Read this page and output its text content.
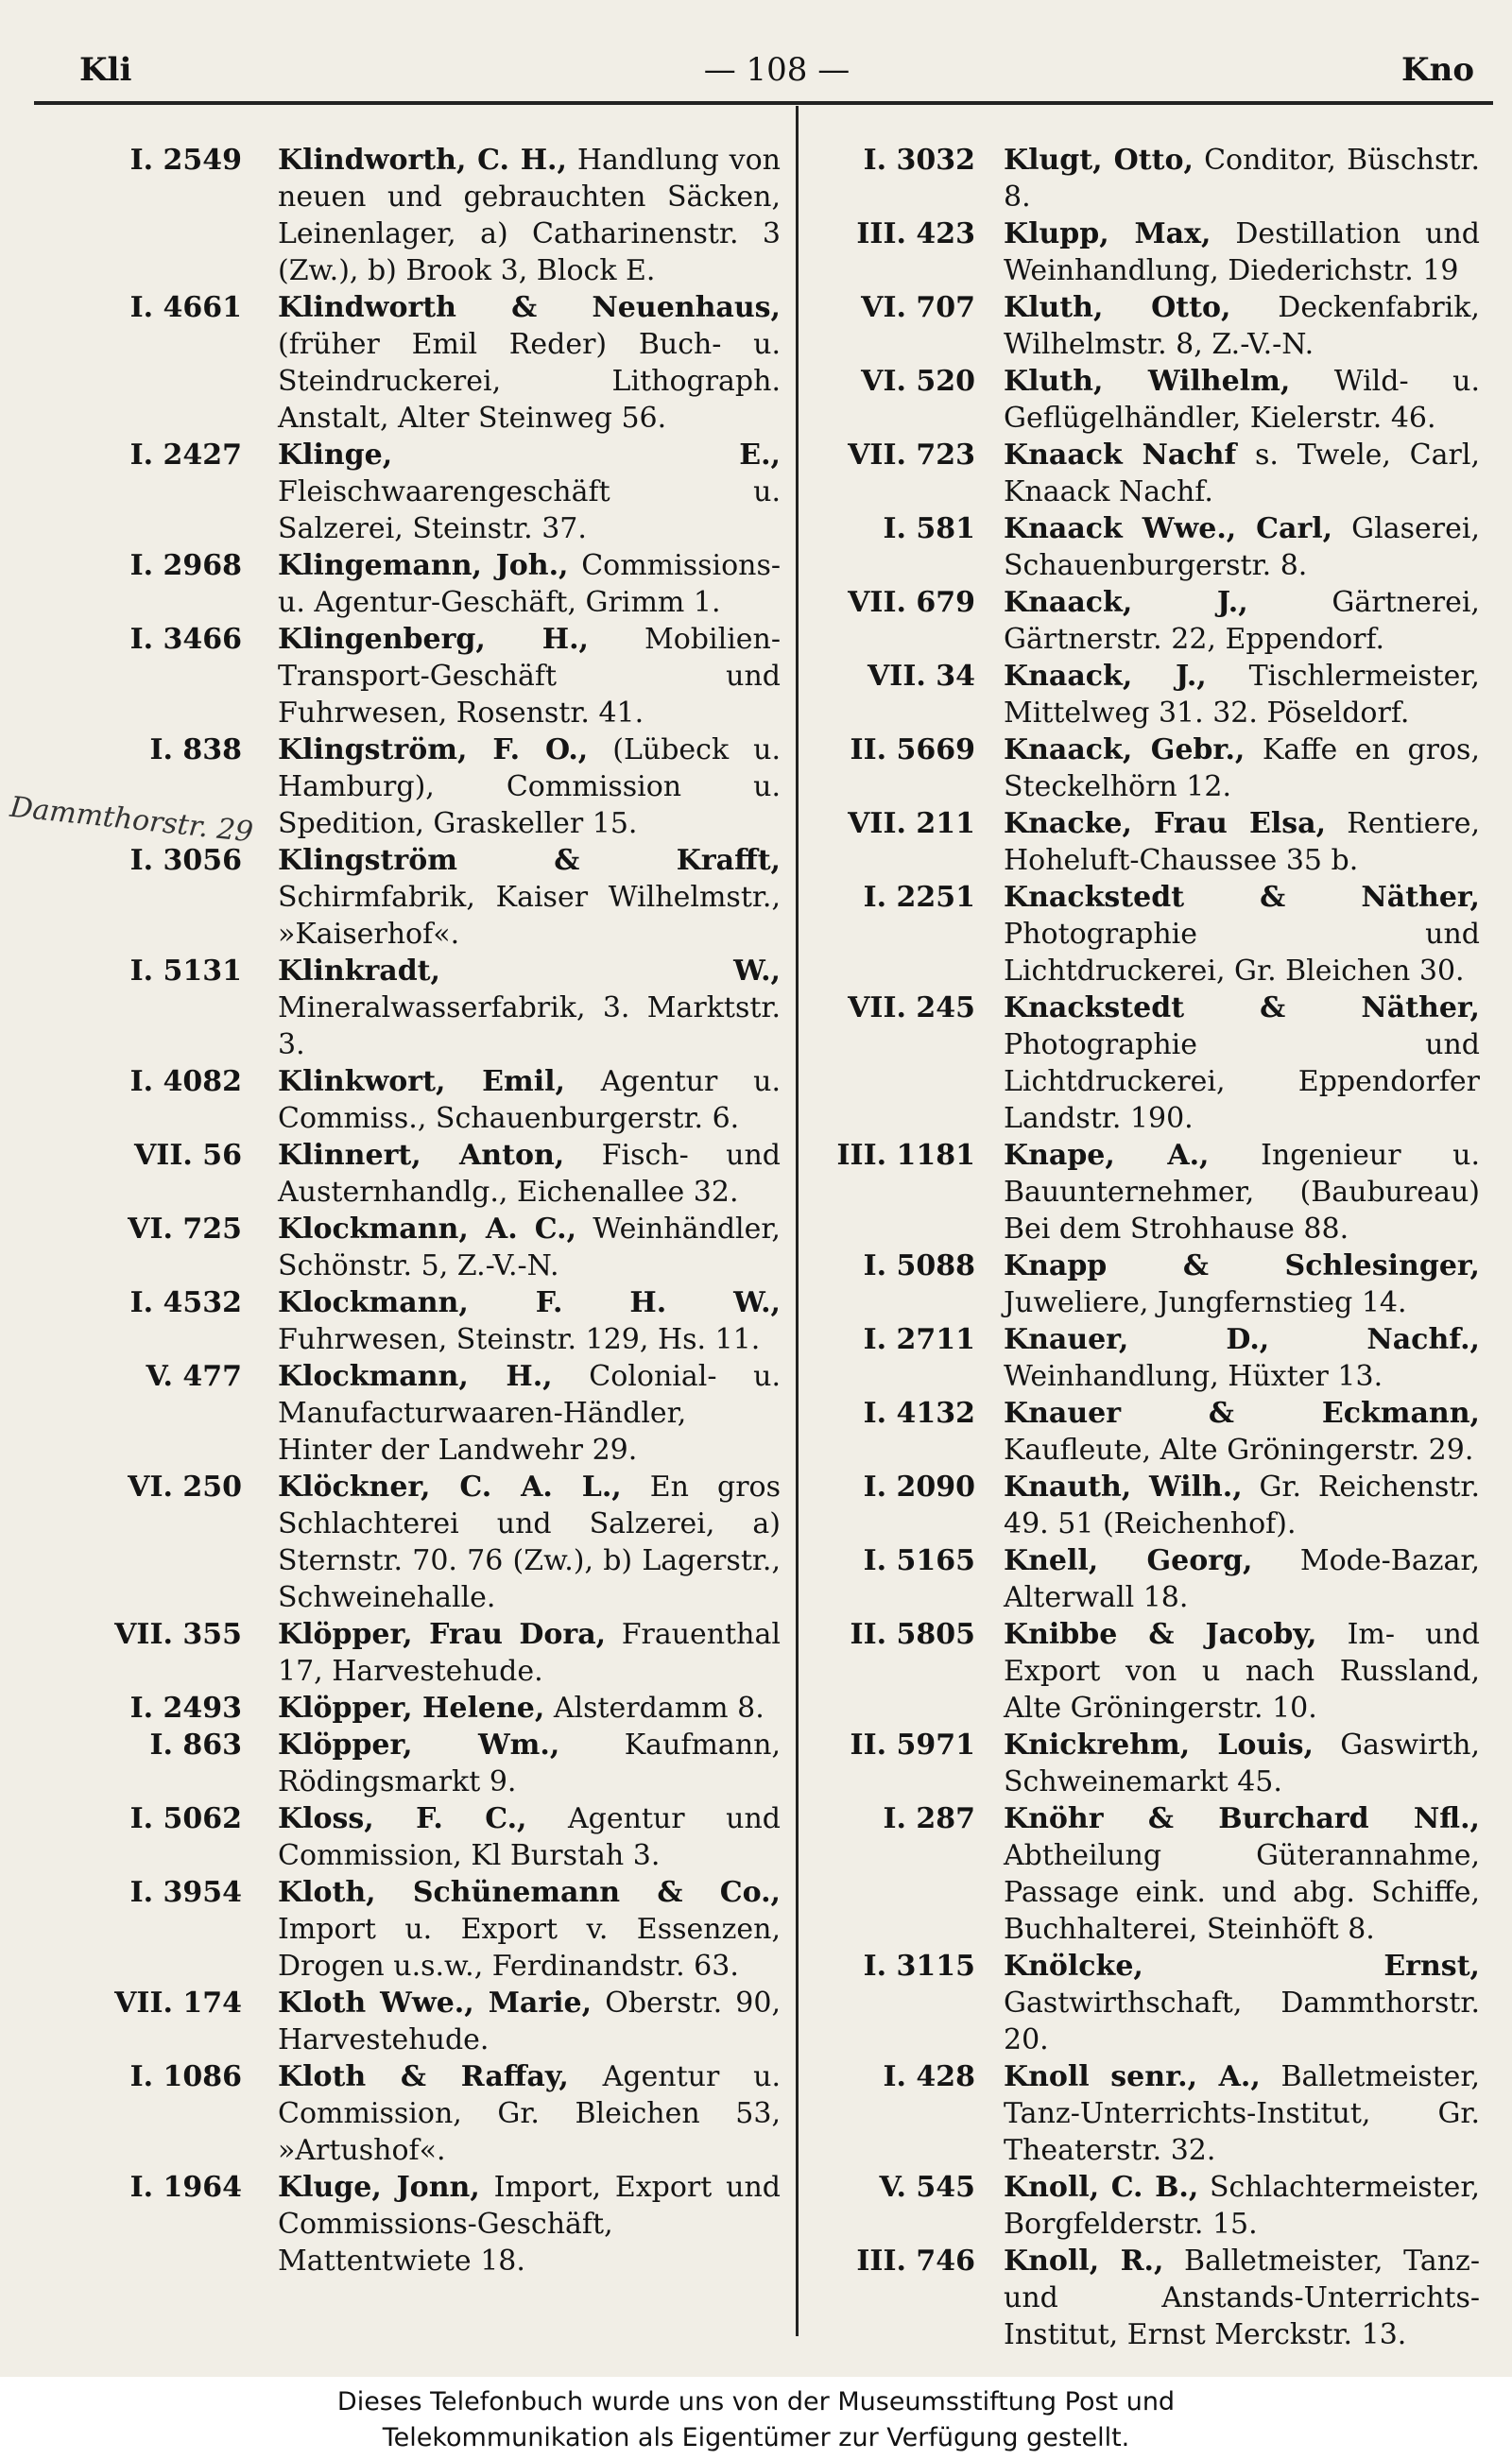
Kli	— 108 —	Kno
Dammthorstr. 29
I. 2549 Klindworth, C. H., Handlung von neuen und gebrauchten Säcken, Leinenlager, a) Catharinenstr. 3 (Zw.), b) Brook 3, Block E.
I. 4661 Klindworth & Neuenhaus, (früher Emil Reder) Buch- u. Steindruckerei, Lithograph. Anstalt, Alter Steinweg 56.
I. 2427 Klinge, E., Fleischwaarengeschäft u. Salzerei, Steinstr. 37.
I. 2968 Klingemann, Joh., Commissions- u. Agentur-Geschäft, Grimm 1.
I. 3466 Klingenberg, H., Mobilien-Transport-Geschäft und Fuhrwesen, Rosenstr. 41.
I. 838 Klingström, F. O., (Lübeck u. Hamburg), Commission u. Spedition, Graskeller 15.
I. 3056 Klingström & Krafft, Schirmfabrik, Kaiser Wilhelmstr., »Kaiserhof«.
I. 5131 Klinkradt, W., Mineralwasserfabrik, 3. Marktstr. 3.
I. 4082 Klinkwort, Emil, Agentur u. Commiss., Schauenburgerstr. 6.
VII. 56 Klinnert, Anton, Fisch- und Austernhandlg., Eichenallee 32.
VI. 725 Klockmann, A. C., Weinhändler, Schönstr. 5, Z.-V.-N.
I. 4532 Klockmann, F. H. W., Fuhrwesen, Steinstr. 129, Hs. 11.
V. 477 Klockmann, H., Colonial- u. Manufacturwaaren-Händler, Hinter der Landwehr 29.
VI. 250 Klöckner, C. A. L., En gros Schlachterei und Salzerei, a) Sternstr. 70. 76 (Zw.), b) Lagerstr., Schweinehalle.
VII. 355 Klöpper, Frau Dora, Frauenthal 17, Harvestehude.
I. 2493 Klöpper, Helene, Alsterdamm 8.
I. 863 Klöpper, Wm., Kaufmann, Rödingsmarkt 9.
I. 5062 Kloss, F. C., Agentur und Commission, Kl Burstah 3.
I. 3954 Kloth, Schünemann & Co., Import u. Export v. Essenzen, Drogen u.s.w., Ferdinandstr. 63.
VII. 174 Kloth Wwe., Marie, Oberstr. 90, Harvestehude.
I. 1086 Kloth & Raffay, Agentur u. Commission, Gr. Bleichen 53, »Artushof«.
I. 1964 Kluge, Jonn, Import, Export und Commissions-Geschäft, Mattentwiete 18.
I. 3032 Klugt, Otto, Conditor, Büschstr. 8.
III. 423 Klupp, Max, Destillation und Weinhandlung, Diederichstr. 19
VI. 707 Kluth, Otto, Deckenfabrik, Wilhelmstr. 8, Z.-V.-N.
VI. 520 Kluth, Wilhelm, Wild- u. Geflügelhändler, Kielerstr. 46.
VII. 723 Knaack Nachf s. Twele, Carl, Knaack Nachf.
I. 581 Knaack Wwe., Carl, Glaserei, Schauenburgerstr. 8.
VII. 679 Knaack, J.,	Gärtnerei, Gärtnerstr. 22, Eppendorf.
VII. 34 Knaack, J., Tischlermeister, Mittelweg 31. 32. Pöseldorf.
II. 5669 Knaack, Gebr., Kaffe en gros, Steckelhörn 12.
VII. 211 Knacke, Frau Elsa, Rentiere, Hoheluft-Chaussee 35 b.
I. 2251 Knackstedt & Näther, Photographie und Lichtdruckerei, Gr. Bleichen 30.
VII. 245 Knackstedt & Näther, Photographie und Lichtdruckerei, Eppendorfer Landstr. 190.
III. 1181 Knape, A., Ingenieur u. Bauunternehmer, (Baubureau) Bei dem Strohhause 88.
I. 5088 Knapp & Schlesinger, Juweliere, Jungfernstieg 14.
I. 2711 Knauer, D., Nachf., Weinhandlung, Hüxter 13.
I. 4132 Knauer & Eckmann, Kaufleute, Alte Gröningerstr. 29.
I. 2090 Knauth, Wilh., Gr. Reichenstr. 49. 51 (Reichenhof).
I. 5165 Knell, Georg, Mode-Bazar, Alterwall 18.
II. 5805 Knibbe & Jacoby, Im- und Export von u nach Russland, Alte Gröningerstr. 10.
II. 5971 Knickrehm, Louis, Gaswirth, Schweinemarkt 45.
I. 287 Knöhr & Burchard Nfl., Abtheilung Güterannahme, Passage eink. und abg. Schiffe, Buchhalterei, Steinhöft 8.
I. 3115 Knölcke, Ernst, Gastwirthschaft, Dammthorstr. 20.
I. 428 Knoll senr., A., Balletmeister, Tanz-Unterrichts-Institut, Gr. Theaterstr. 32.
V. 545 Knoll, C. B., Schlachtermeister, Borgfelderstr. 15.
III. 746 Knoll, R., Balletmeister, Tanz- und Anstands-Unterrichts-Institut, Ernst Merckstr. 13.
Dieses Telefonbuch wurde uns von der Museumsstiftung Post und
Telekommunikation als Eigentümer zur Verfügung gestellt.
